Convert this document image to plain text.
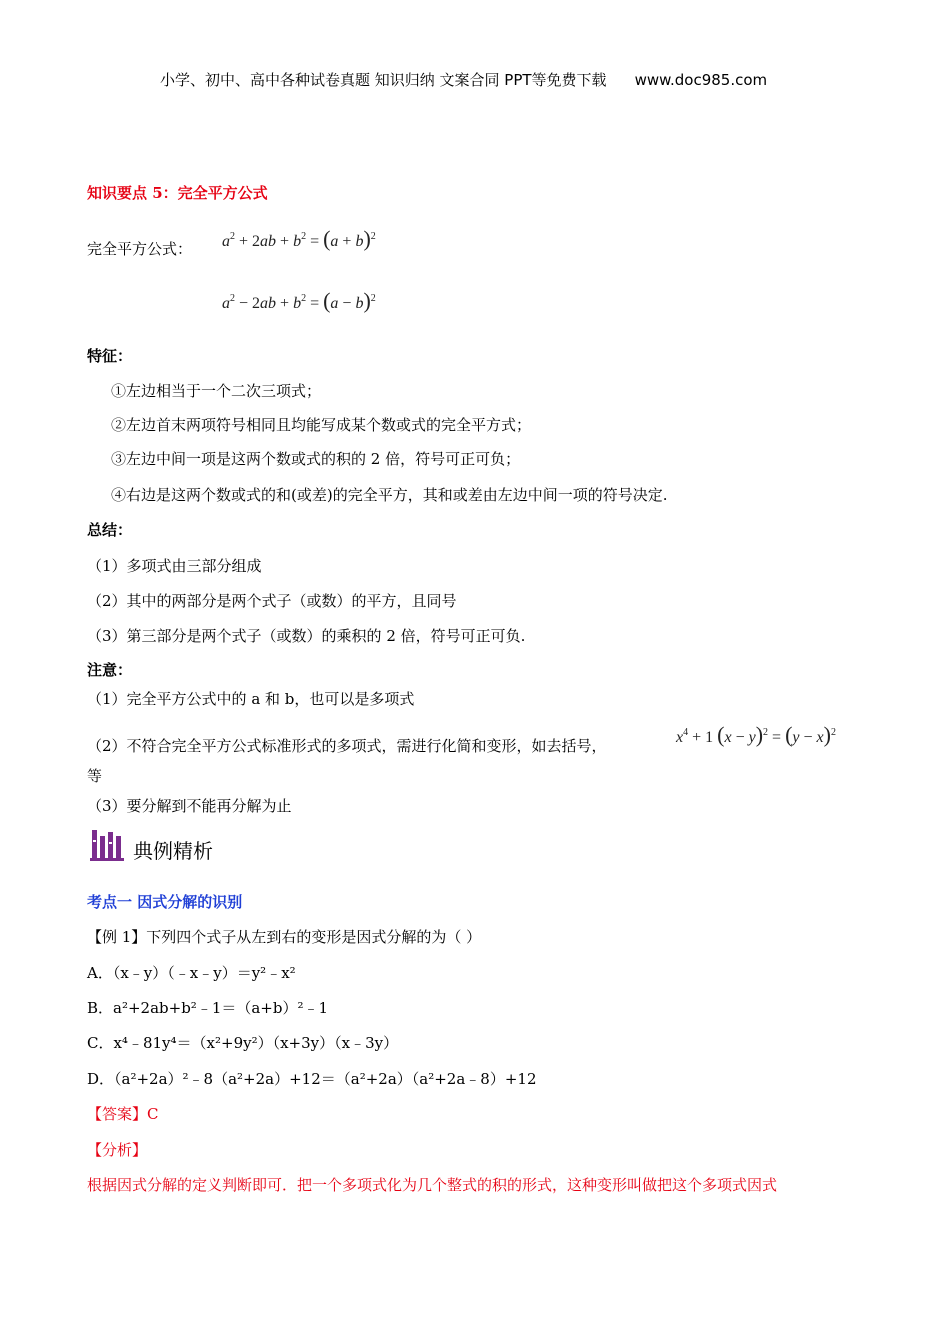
小学、初中、高中各种试卷真题 知识归纳 文案合同 PPT等免费下载 www.doc985.com
知识要点 5：完全平方公式
完全平方公式： $a^2 + 2ab + b^2 = (a + b)^2$
$a^2 - 2ab + b^2 = (a - b)^2$
特征：
①左边相当于一个二次三项式；
②左边首末两项符号相同且均能写成某个数或式的完全平方式；
③左边中间一项是这两个数或式的积的 2 倍，符号可正可负；
④右边是这两个数或式的和(或差)的完全平方，其和或差由左边中间一项的符号决定.
总结：
（1）多项式由三部分组成
（2）其中的两部分是两个式子（或数）的平方，且同号
（3）第三部分是两个式子（或数）的乘积的 2 倍，符号可正可负.
注意：
（1）完全平方公式中的 a 和 b，也可以是多项式
（2）不符合完全平方公式标准形式的多项式，需进行化简和变形，如去括号，	$x^4 + 1$ $(x - y)^2 = (y - x)^2$
等
（3）要分解到不能再分解为止
典例精析
考点一 因式分解的识别
【例 1】下列四个式子从左到右的变形是因式分解的为（ ）
A．（x﹣y）（﹣x﹣y）＝y²﹣x²
B．a²+2ab+b²﹣1＝（a+b）²﹣1
C．x⁴﹣81y⁴＝（x²+9y²）（x+3y）（x﹣3y）
D．（a²+2a）²﹣8（a²+2a）+12＝（a²+2a）（a²+2a﹣8）+12
【答案】C
【分析】
根据因式分解的定义判断即可．把一个多项式化为几个整式的积的形式，这种变形叫做把这个多项式因式
